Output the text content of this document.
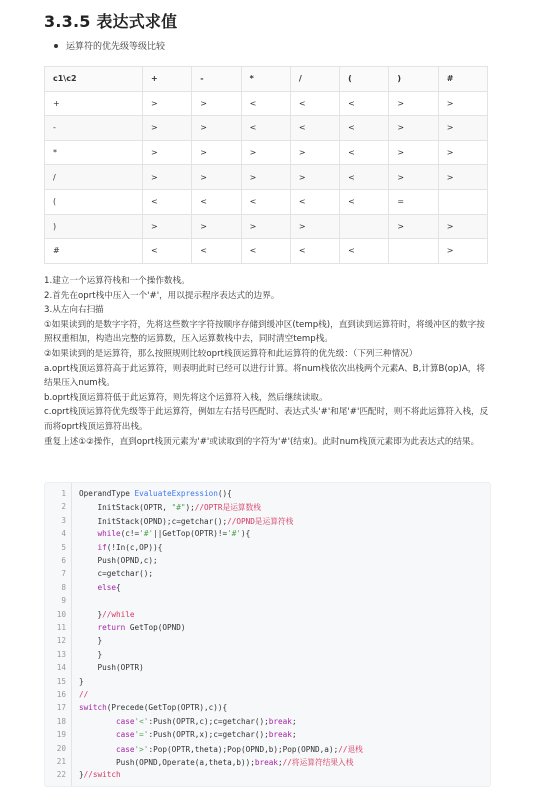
3.3.5 表达式求值
运算符的优先级等级比较
c1\c2	+	-	*	/	(	)	#
+	>	>	<	<	<	>	>
-	>	>	<	<	<	>	>
*	>	>	>	>	<	>	>
/	>	>	>	>	<	>	>
(	<	<	<	<	<	=	
)	>	>	>	>		>	>
#	<	<	<	<	<		>
1.建立一个运算符栈和一个操作数栈。
2.首先在oprt栈中压入一个'#'，用以提示程序表达式的边界。
3.从左向右扫描
①如果读到的是数字字符，先将这些数字字符按顺序存储到缓冲区(temp栈)，直到读到运算符时，将缓冲区的数字按照权重相加，构造出完整的运算数，压入运算数栈中去，同时清空temp栈。
②如果读到的是运算符，那么按照规则比较oprt栈顶运算符和此运算符的优先级：（下列三种情况）
a.oprt栈顶运算符高于此运算符，则表明此时已经可以进行计算。将num栈依次出栈两个元素A、B,计算B(op)A，将结果压入num栈。
b.oprt栈顶运算符低于此运算符，则先将这个运算符入栈，然后继续读取。
c.oprt栈顶运算符优先级等于此运算符，例如左右括号匹配时、表达式头'#'和尾'#'匹配时，则不将此运算符入栈，反而将oprt栈顶运算符出栈。
重复上述①②操作，直到oprt栈顶元素为'#'或读取到的字符为'#'(结束)。此时num栈顶元素即为此表达式的结果。
1 OperandType EvaluateExpression(){
2 InitStack(OPTR, "#");//OPTR是运算数栈
3 InitStack(OPND);c=getchar();//OPND是运算符栈
4	while(c!='#'||GetTop(OPTR)!='#'){
5	if(!In(c,OP)){
6 Push(OPND,c);
7 c=getchar();
8	else{
9
10 }//while
11	return GetTop(OPND)
12 }
13 }
14 Push(OPTR)
15 }
16 //
17 switch(Precede(GetTop(OPTR),c)){
18	case'<':Push(OPTR,c);c=getchar();break;
19	case'=':Push(OPTR,x);c=getchar();break;
20	case'>':Pop(OPTR,theta);Pop(OPND,b);Pop(OPND,a);//退栈
21 Push(OPND,Operate(a,theta,b));break;//将运算符结果入栈
22 }//switch
